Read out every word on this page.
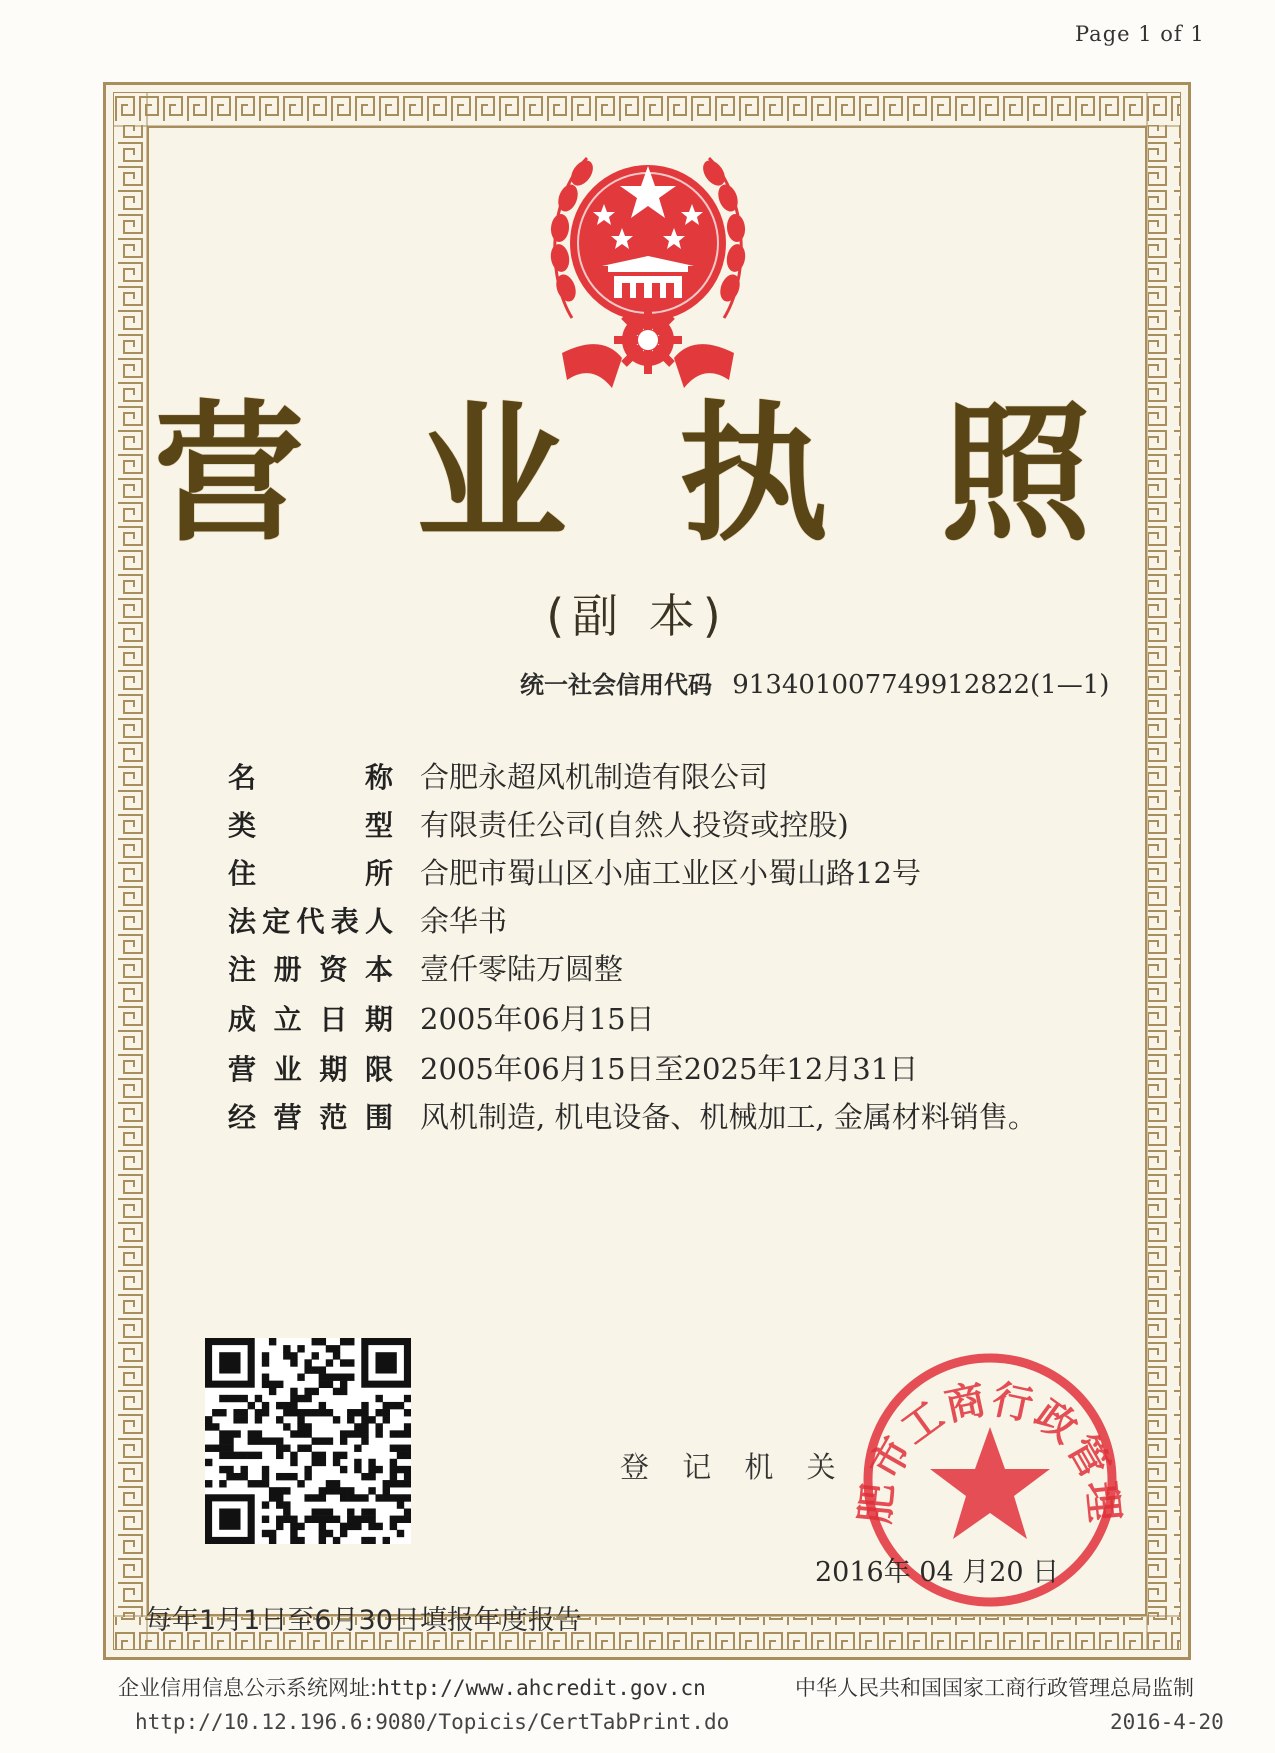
Page 1 of 1
营 业 执 照
(副 本)
统一社会信用代码 913401007749912822(1—1)
名称 合肥永超风机制造有限公司
类型 有限责任公司(自然人投资或控股)
住所 合肥市蜀山区小庙工业区小蜀山路12号
法定代表人 余华书
注册资本 壹仟零陆万圆整
成立日期 2005年06月15日
营业期限 2005年06月15日至2025年12月31日
经营范围 风机制造, 机电设备、机械加工, 金属材料销售。
登 记 机 关
肥市工商行政管理
2016年 04 月20 日
每年1月1日至6月30日填报年度报告
企业信用信息公示系统网址:http://www.ahcredit.gov.cn	中华人民共和国国家工商行政管理总局监制
http://10.12.196.6:9080/Topicis/CertTabPrint.do	2016-4-20
